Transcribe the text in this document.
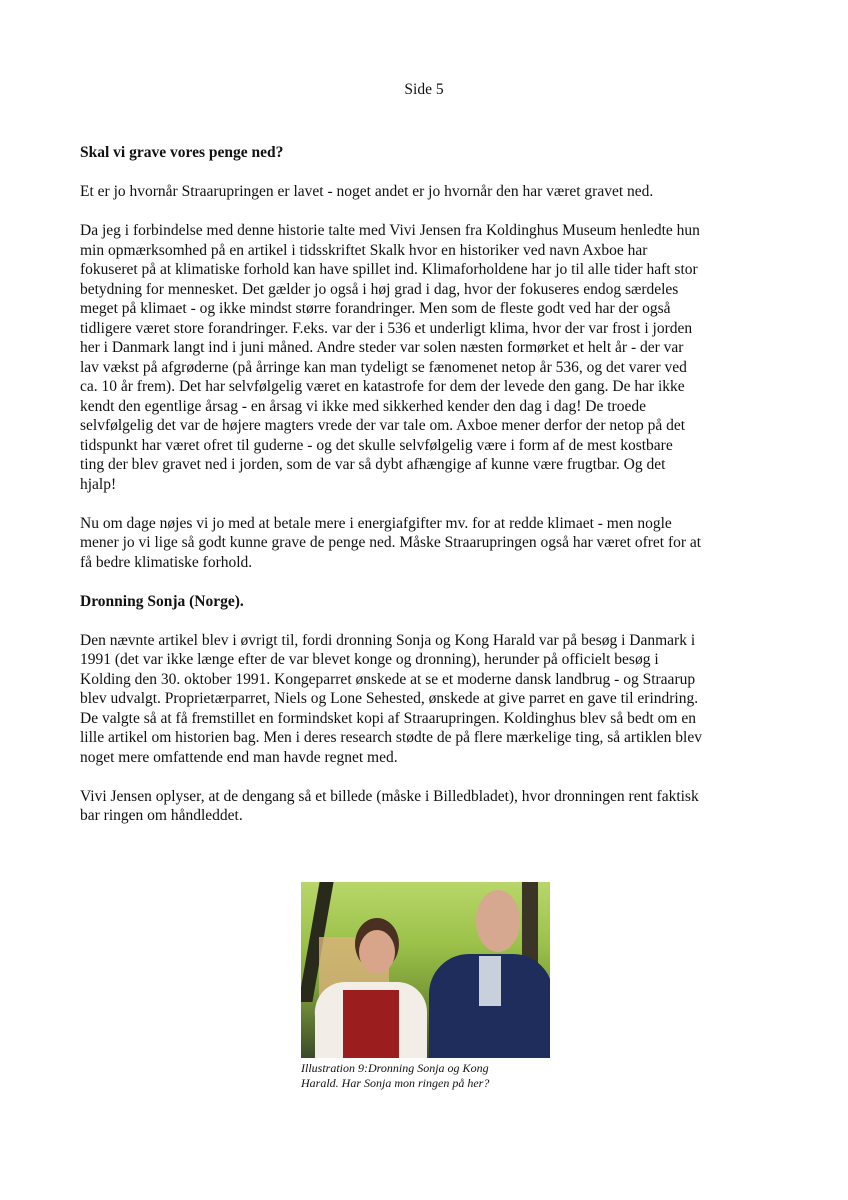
Side 5
Skal vi grave vores penge ned?

Et er jo hvornår Straarupringen er lavet - noget andet er jo hvornår den har været gravet ned.

Da jeg i forbindelse med denne historie talte med Vivi Jensen fra Koldinghus Museum henledte hun
min opmærksomhed på en artikel i tidsskriftet Skalk hvor en historiker ved navn Axboe har
fokuseret på at klimatiske forhold kan have spillet ind. Klimaforholdene har jo til alle tider haft stor
betydning for mennesket. Det gælder jo også i høj grad i dag, hvor der fokuseres endog særdeles
meget på klimaet - og ikke mindst større forandringer. Men som de fleste godt ved har der også
tidligere været store forandringer. F.eks. var der i 536 et underligt klima, hvor der var frost i jorden
her i Danmark langt ind i juni måned. Andre steder var solen næsten formørket et helt år - der var
lav vækst på afgrøderne (på årringe kan man tydeligt se fænomenet netop år 536, og det varer ved
ca. 10 år frem). Det har selvfølgelig været en katastrofe for dem der levede den gang. De har ikke
kendt den egentlige årsag - en årsag vi ikke med sikkerhed kender den dag i dag! De troede
selvfølgelig det var de højere magters vrede der var tale om. Axboe mener derfor der netop på det
tidspunkt har været ofret til guderne - og det skulle selvfølgelig være i form af de mest kostbare
ting der blev gravet ned i jorden, som de var så dybt afhængige af kunne være frugtbar. Og det
hjalp!

Nu om dage nøjes vi jo med at betale mere i energiafgifter mv. for at redde klimaet - men nogle
mener jo vi lige så godt kunne grave de penge ned. Måske Straarupringen også har været ofret for at
få bedre klimatiske forhold.

Dronning Sonja (Norge).

Den nævnte artikel blev i øvrigt til, fordi dronning Sonja og Kong Harald var på besøg i Danmark i
1991 (det var ikke længe efter de var blevet konge og dronning), herunder på officielt besøg i
Kolding den 30. oktober 1991. Kongeparret ønskede at se et moderne dansk landbrug - og Straarup
blev udvalgt. Proprietærparret, Niels og Lone Sehested, ønskede at give parret en gave til erindring.
De valgte så at få fremstillet en formindsket kopi af Straarupringen. Koldinghus blev så bedt om en
lille artikel om historien bag. Men i deres research stødte de på flere mærkelige ting, så artiklen blev
noget mere omfattende end man havde regnet med.

Vivi Jensen oplyser, at de dengang så et billede (måske i Billedbladet), hvor dronningen rent faktisk
bar ringen om håndleddet.

Illustration 9:Dronning Sonja og Kong
Harald. Har Sonja mon ringen på her?
